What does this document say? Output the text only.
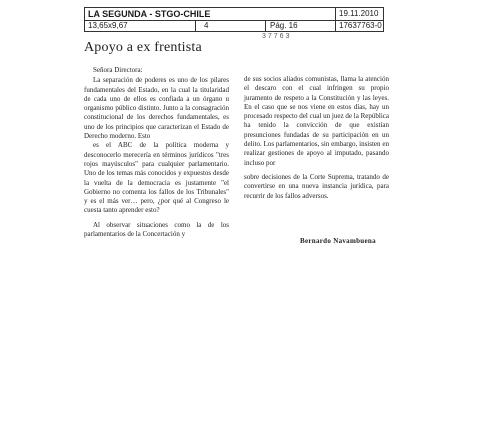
LA SEGUNDA - STGO-CHILE	19.11.2010
13,65x9,67	4	Pág. 16	17637763-0
37763
Apoyo a ex frentista

Señora Directora:

La separación de poderes es uno de los pilares fundamentales del Estado, en la cual la titularidad de cada uno de ellos es confiada a un órgano u organismo público distinto. Junto a la consagración constitucional de los derechos fundamentales, es uno de los principios que caracterizan el Estado de Derecho moderno. Esto

es el ABC de la política moderna y desconocerlo merecería en términos jurídicos "tres rojos mayúsculos" para cualquier parlamentario. Uno de los temas más conocidos y expuestos desde la vuelta de la democracia es justamente "el Gobierno no comenta los fallos de los Tribunales" y es el más ver… pero, ¿por qué al Congreso le cuesta tanto aprender esto?

Al observar situaciones como la de los parlamentarios de la Concertación y

de sus socios aliados comunistas, llama la atención el descaro con el cual infringen su propio juramento de respeto a la Constitución y las leyes. En el caso que se nos viene en estos días, hay un procesado respecto del cual un juez de la República ha tenido la convicción de que existían presunciones fundadas de su participación en un delito. Los parlamentarios, sin embargo, insisten en realizar gestiones de apoyo al imputado, pasando incluso por

sobre decisiones de la Corte Suprema, tratando de convertirse en una nueva instancia jurídica, para recurrir de los fallos adversos.

Bernardo Navambuena
